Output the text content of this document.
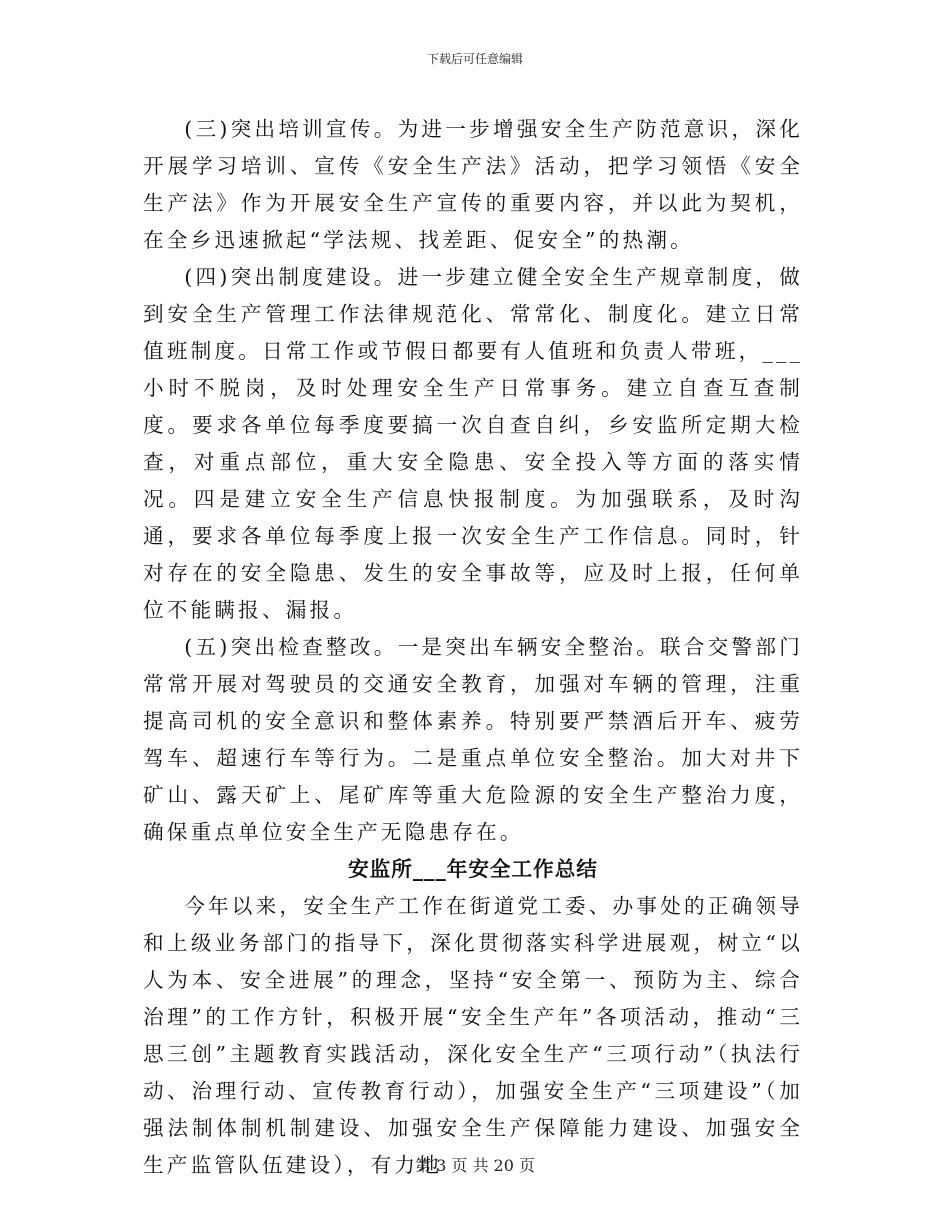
下载后可任意编辑

(三)突出培训宣传。为进一步增强安全生产防范意识，深化开展学习培训、宣传《安全生产法》活动，把学习领悟《安全生产法》作为开展安全生产宣传的重要内容，并以此为契机，在全乡迅速掀起“学法规、找差距、促安全”的热潮。

(四)突出制度建设。进一步建立健全安全生产规章制度，做到安全生产管理工作法律规范化、常常化、制度化。建立日常值班制度。日常工作或节假日都要有人值班和负责人带班，___小时不脱岗，及时处理安全生产日常事务。建立自查互查制度。要求各单位每季度要搞一次自查自纠，乡安监所定期大检查，对重点部位，重大安全隐患、安全投入等方面的落实情况。四是建立安全生产信息快报制度。为加强联系，及时沟通，要求各单位每季度上报一次安全生产工作信息。同时，针对存在的安全隐患、发生的安全事故等，应及时上报，任何单位不能瞒报、漏报。

(五)突出检查整改。一是突出车辆安全整治。联合交警部门常常开展对驾驶员的交通安全教育，加强对车辆的管理，注重提高司机的安全意识和整体素养。特别要严禁酒后开车、疲劳驾车、超速行车等行为。二是重点单位安全整治。加大对井下矿山、露天矿上、尾矿库等重大危险源的安全生产整治力度，确保重点单位安全生产无隐患存在。

安监所___年安全工作总结

今年以来，安全生产工作在街道党工委、办事处的正确领导和上级业务部门的指导下，深化贯彻落实科学进展观，树立“以人为本、安全进展”的理念，坚持“安全第一、预防为主、综合治理”的工作方针，积极开展“安全生产年”各项活动，推动“三思三创”主题教育实践活动，深化安全生产“三项行动”（执法行动、治理行动、宣传教育行动），加强安全生产“三项建设”（加强法制体制机制建设、加强安全生产保障能力建设、加强安全生产监管队伍建设），有力地

第 3 页 共 20 页
